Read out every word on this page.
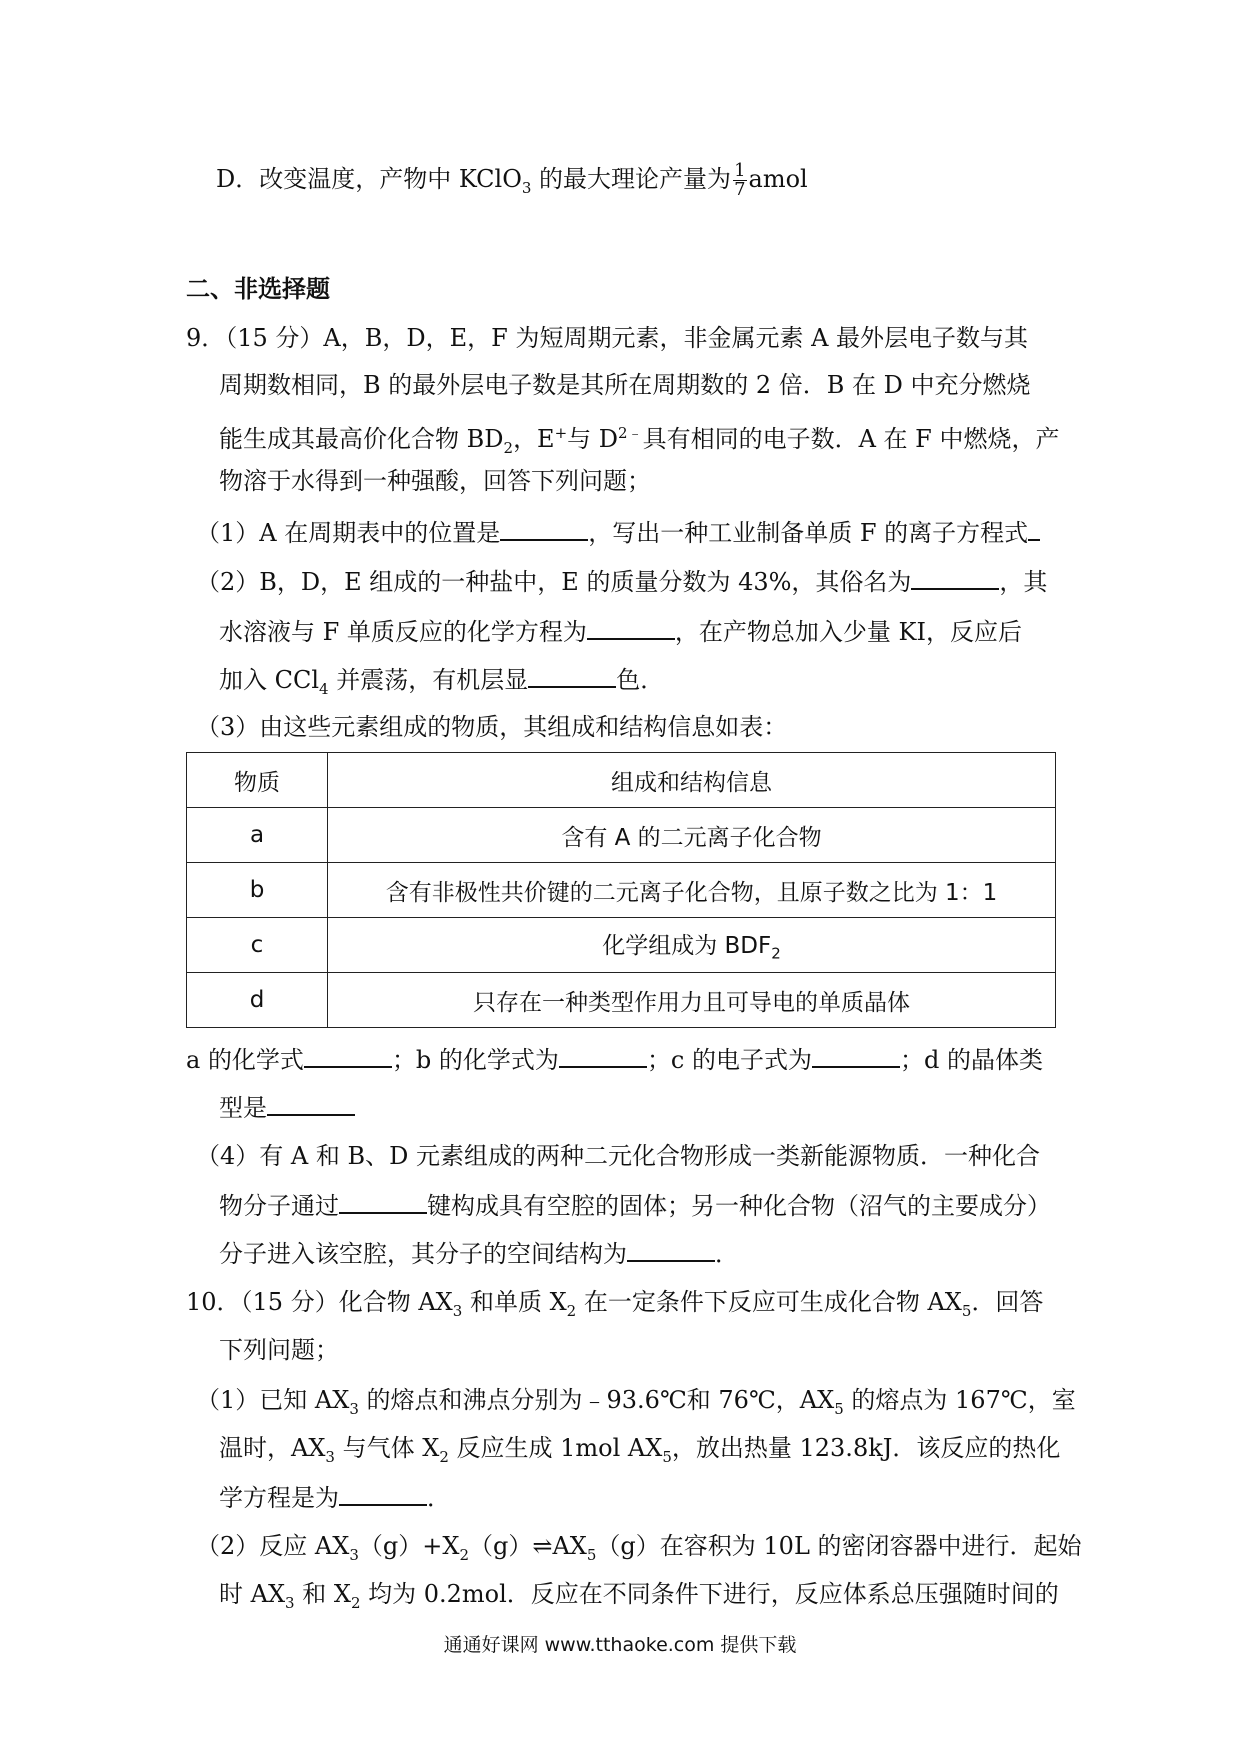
D．改变温度，产物中 KClO$_3$ 的最大理论产量为 $\frac{1}{7}$ amol
二、非选择题
9．（15 分）A，B，D，E，F 为短周期元素，非金属元素 A 最外层电子数与其
周期数相同，B 的最外层电子数是其所在周期数的 2 倍．B 在 D 中充分燃烧
能生成其最高价化合物 $BD_2$，E+与 $D^{2﹣}$具有相同的电子数．A 在 F 中燃烧，产
物溶于水得到一种强酸，回答下列问题；
（1）A 在周期表中的位置是	，写出一种工业制备单质 F 的离子方程式
（2）B，D，E 组成的一种盐中，E 的质量分数为 43%，其俗名为	，其
水溶液与 F 单质反应的化学方程为	，在产物总加入少量 KI，反应后
加入 CCl$_4$ 并震荡，有机层显	色．
（3）由这些元素组成的物质，其组成和结构信息如表：
物质	组成和结构信息
a	含有 A 的二元离子化合物
b	含有非极性共价键的二元离子化合物，且原子数之比为 1：1
c	化学组成为 $BDF_2$
d	只存在一种类型作用力且可导电的单质晶体
a 的化学式	；b 的化学式为	；c 的电子式为	；d 的晶体类
型是
（4）有 A 和 B、D 元素组成的两种二元化合物形成一类新能源物质．一种化合
物分子通过	键构成具有空腔的固体；另一种化合物（沼气的主要成分）
分子进入该空腔，其分子的空间结构为	．
10．（15 分）化合物 $AX_3$ 和单质 $X_2$ 在一定条件下反应可生成化合物 $AX_5$．回答
下列问题；
（1）已知 $AX_3$ 的熔点和沸点分别为﹣93.6℃和 76℃，$AX_5$ 的熔点为 167℃，室
温时，$AX_3$ 与气体 $X_2$ 反应生成 1mol $AX_5$，放出热量 123.8kJ．该反应的热化
学方程是为	．
（2）反应 $AX_3(g)+X_2(g)\rightleftharpoons AX_5(g)$在容积为 10L 的密闭容器中进行．起始
时 $AX_3$ 和 $X_2$ 均为 0.2mol．反应在不同条件下进行，反应体系总压强随时间的
通通好课网 www.tthaoke.com 提供下载
